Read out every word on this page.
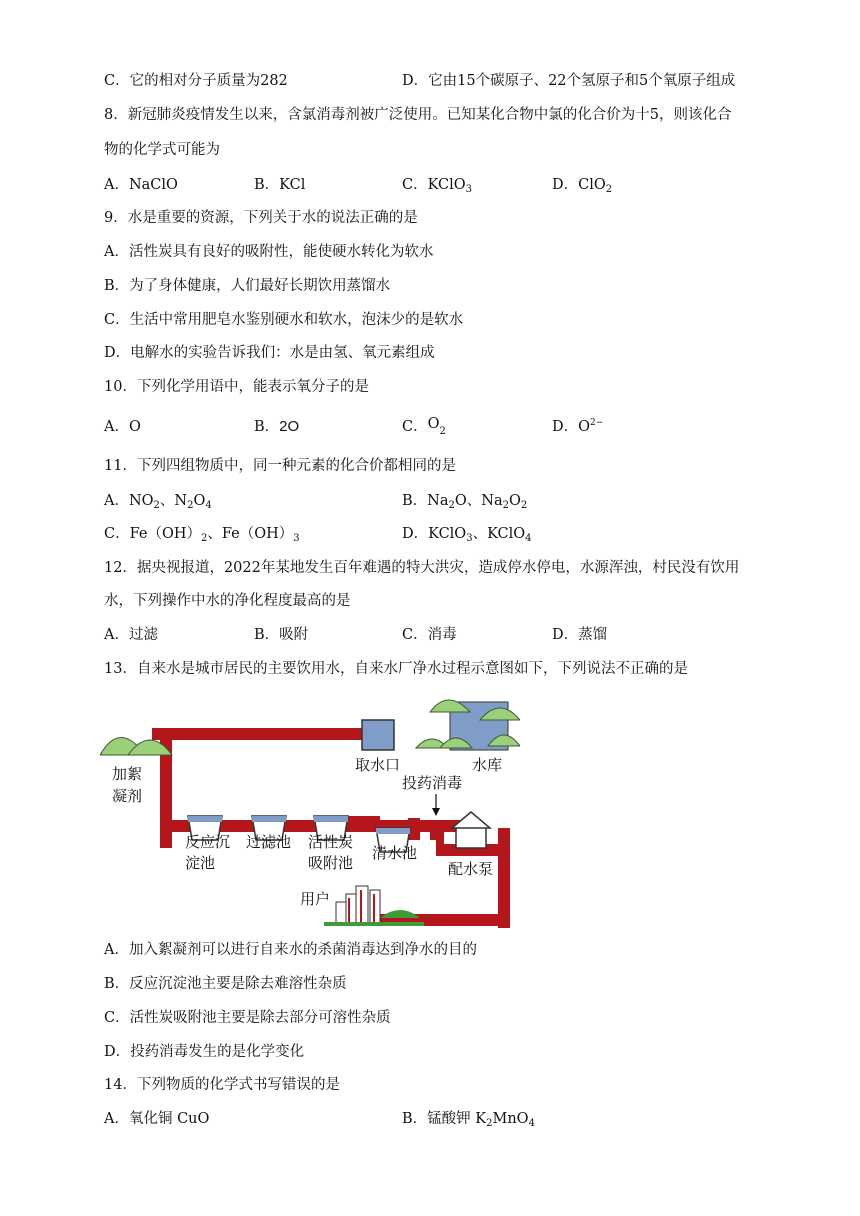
C．它的相对分子质量为282	D．它由15个碳原子、22个氢原子和5个氧原子组成
8．新冠肺炎疫情发生以来，含氯消毒剂被广泛使用。已知某化合物中氯的化合价为十5，则该化合
物的化学式可能为
A．NaClO	B．KCl	C．KClO$_3$	D．ClO$_2$
9．水是重要的资源，下列关于水的说法正确的是
A．活性炭具有良好的吸附性，能使硬水转化为软水
B．为了身体健康，人们最好长期饮用蒸馏水
C．生活中常用肥皂水鉴别硬水和软水，泡沫少的是软水
D．电解水的实验告诉我们：水是由氢、氧元素组成
10．下列化学用语中，能表示氧分子的是
A．O	B．2O	C．$O_2$	D．$O^{2-}$
11．下列四组物质中，同一种元素的化合价都相同的是
A．$NO_2$、$N_2O_4$	B．$Na_2O$、$Na_2O_2$
C．$Fe(OH)_2$、$Fe(OH)_3$	D．KClO$_3$、KClO$_4$
12．据央视报道，2022年某地发生百年难遇的特大洪灾，造成停水停电，水源浑浊，村民没有饮用
水，下列操作中水的净化程度最高的是
A．过滤	B．吸附	C．消毒	D．蒸馏
13．自来水是城市居民的主要饮用水，自来水厂净水过程示意图如下，下列说法不正确的是
取水口	水库
加絮
凝剂
反应沉
淀池
过滤池 活性炭
吸附池
投药消毒
清水池
配水泵
用户
A．加入絮凝剂可以进行自来水的杀菌消毒达到净水的目的
B．反应沉淀池主要是除去难溶性杂质
C．活性炭吸附池主要是除去部分可溶性杂质
D．投药消毒发生的是化学变化
14．下列物质的化学式书写错误的是
A．氧化铜 CuO	B．锰酸钾 $K_2MnO_4$
